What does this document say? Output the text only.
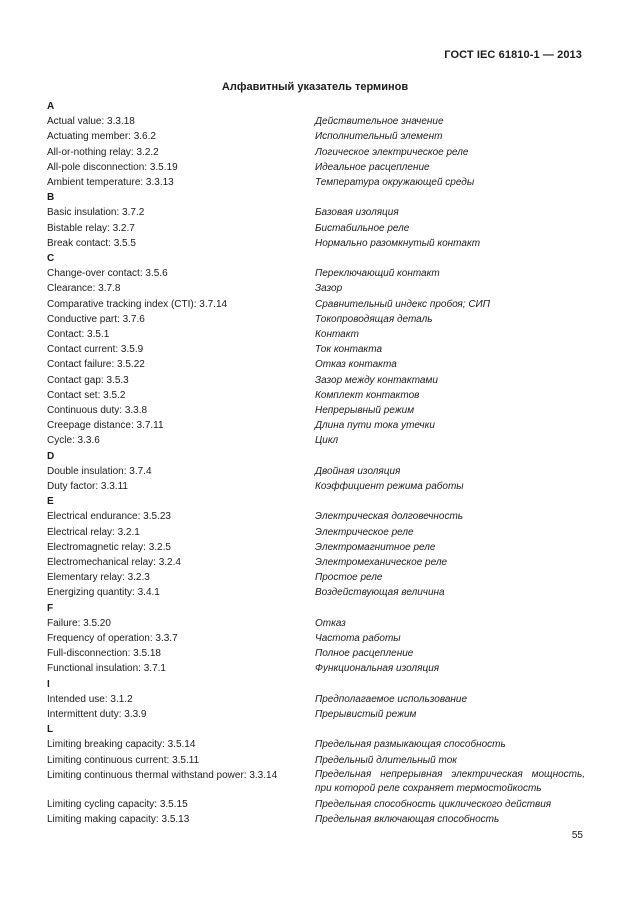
ГОСТ IEC 61810-1 — 2013
Алфавитный указатель терминов
A
Actual value: 3.3.18	Действительное значение
Actuating member: 3.6.2	Исполнительный элемент
All-or-nothing relay: 3.2.2	Логическое электрическое реле
All-pole disconnection: 3.5.19	Идеальное расцепление
Ambient temperature: 3.3.13	Температура окружающей среды
B
Basic insulation: 3.7.2	Базовая изоляция
Bistable relay: 3.2.7	Бистабильное реле
Break contact: 3.5.5	Нормально разомкнутый контакт
C
Change-over contact: 3.5.6	Переключающий контакт
Clearance: 3.7.8	Зазор
Comparative tracking index (CTI): 3.7.14	Сравнительный индекс пробоя; СИП
Conductive part: 3.7.6	Токопроводящая деталь
Contact: 3.5.1	Контакт
Contact current: 3.5.9	Ток контакта
Contact failure: 3.5.22	Отказ контакта
Contact gap: 3.5.3	Зазор между контактами
Contact set: 3.5.2	Комплект контактов
Continuous duty: 3.3.8	Непрерывный режим
Creepage distance: 3.7.11	Длина пути тока утечки
Cycle: 3.3.6	Цикл
D
Double insulation: 3.7.4	Двойная изоляция
Duty factor: 3.3.11	Коэффициент режима работы
E
Electrical endurance: 3.5.23	Электрическая долговечность
Electrical relay: 3.2.1	Электрическое реле
Electromagnetic relay: 3.2.5	Электромагнитное реле
Electromechanical relay: 3.2.4	Электромеханическое реле
Elementary relay: 3.2.3	Простое реле
Energizing quantity: 3.4.1	Воздействующая величина
F
Failure: 3.5.20	Отказ
Frequency of operation: 3.3.7	Частота работы
Full-disconnection: 3.5.18	Полное расцепление
Functional insulation: 3.7.1	Функциональная изоляция
I
Intended use: 3.1.2	Предполагаемое использование
Intermittent duty: 3.3.9	Прерывистый режим
L
Limiting breaking capacity: 3.5.14	Предельная размыкающая способность
Limiting continuous current: 3.5.11	Предельный длительный ток
Limiting continuous thermal withstand power: 3.3.14	Предельная непрерывная электрическая мощность, при которой реле сохраняет термостойкость
Limiting cycling capacity: 3.5.15	Предельная способность циклического действия
Limiting making capacity: 3.5.13	Предельная включающая способность
55
